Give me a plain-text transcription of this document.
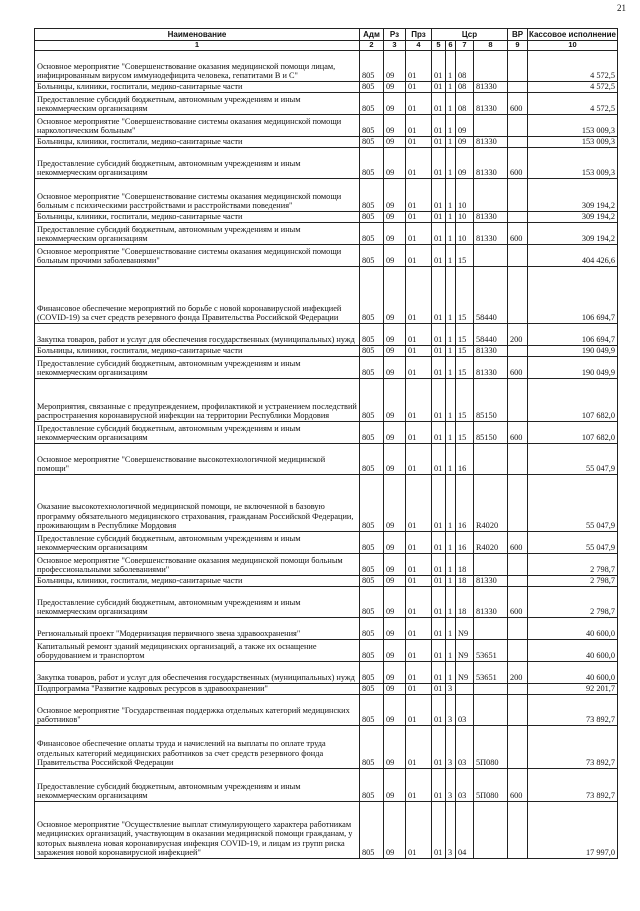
21
Наименование	Адм	Рз	Прз	Цср				ВР	Кассовое исполнение
1	2	3	4	5	6	7	8	9	10
Основное мероприятие "Совершенствование оказания медицинской помощи лицам, инфицированным вирусом иммунодефицита человека, гепатитами В и С"	805	09	01	01	1	08			4 572,5
Больницы, клиники, госпитали, медико-санитарные части	805	09	01	01	1	08	81330		4 572,5
Предоставление субсидий бюджетным, автономным учреждениям и иным некоммерческим организациям	805	09	01	01	1	08	81330	600	4 572,5
Основное мероприятие "Совершенствование системы оказания медицинской помощи наркологическим больным"	805	09	01	01	1	09			153 009,3
Больницы, клиники, госпитали, медико-санитарные части	805	09	01	01	1	09	81330		153 009,3
Предоставление субсидий бюджетным, автономным учреждениям и иным некоммерческим организациям	805	09	01	01	1	09	81330	600	153 009,3
Основное мероприятие "Совершенствование системы оказания медицинской помощи больным с психическими расстройствами и расстройствами поведения"	805	09	01	01	1	10			309 194,2
Больницы, клиники, госпитали, медико-санитарные части	805	09	01	01	1	10	81330		309 194,2
Предоставление субсидий бюджетным, автономным учреждениям и иным некоммерческим организациям	805	09	01	01	1	10	81330	600	309 194,2
Основное мероприятие "Совершенствование системы оказания медицинской помощи больным прочими заболеваниями"	805	09	01	01	1	15			404 426,6
Финансовое обеспечение мероприятий по борьбе с новой коронавирусной инфекцией (COVID-19) за счет средств резервного фонда Правительства Российской Федерации	805	09	01	01	1	15	58440		106 694,7
Закупка товаров, работ и услуг для обеспечения государственных (муниципальных) нужд	805	09	01	01	1	15	58440	200	106 694,7
Больницы, клиники, госпитали, медико-санитарные части	805	09	01	01	1	15	81330		190 049,9
Предоставление субсидий бюджетным, автономным учреждениям и иным некоммерческим организациям	805	09	01	01	1	15	81330	600	190 049,9
Мероприятия, связанные с предупреждением, профилактикой и устранением последствий распространения коронавирусной инфекции на территории Республики Мордовия	805	09	01	01	1	15	85150		107 682,0
Предоставление субсидий бюджетным, автономным учреждениям и иным некоммерческим организациям	805	09	01	01	1	15	85150	600	107 682,0
Основное мероприятие "Совершенствование высокотехнологичной медицинской помощи"	805	09	01	01	1	16			55 047,9
Оказание высокотехнологичной медицинской помощи, не включенной в базовую программу обязательного медицинского страхования, гражданам Российской Федерации, проживающим в Республике Мордовия	805	09	01	01	1	16	R4020		55 047,9
Предоставление субсидий бюджетным, автономным учреждениям и иным некоммерческим организациям	805	09	01	01	1	16	R4020	600	55 047,9
Основное мероприятие "Совершенствование оказания медицинской помощи больным профессиональными заболеваниями"	805	09	01	01	1	18			2 798,7
Больницы, клиники, госпитали, медико-санитарные части	805	09	01	01	1	18	81330		2 798,7
Предоставление субсидий бюджетным, автономным учреждениям и иным некоммерческим организациям	805	09	01	01	1	18	81330	600	2 798,7
Региональный проект "Модернизация первичного звена здравоохранения"	805	09	01	01	1	N9			40 600,0
Капитальный ремонт зданий медицинских организаций, а также их оснащение оборудованием и транспортом	805	09	01	01	1	N9	53651		40 600,0
Закупка товаров, работ и услуг для обеспечения государственных (муниципальных) нужд	805	09	01	01	1	N9	53651	200	40 600,0
Подпрограмма "Развитие кадровых ресурсов в здравоохранении"	805	09	01	01	3				92 201,7
Основное мероприятие "Государственная поддержка отдельных категорий медицинских работников"	805	09	01	01	3	03			73 892,7
Финансовое обеспечение оплаты труда и начислений на выплаты по оплате труда отдельных категорий медицинских работников за счет средств резервного фонда Правительства Российской Федерации	805	09	01	01	3	03	5П080		73 892,7
Предоставление субсидий бюджетным, автономным учреждениям и иным некоммерческим организациям	805	09	01	01	3	03	5П080	600	73 892,7
Основное мероприятие "Осуществление выплат стимулирующего характера работникам медицинских организаций, участвующим в оказании медицинской помощи гражданам, у которых выявлена новая коронавирусная инфекция COVID-19, и лицам из групп риска заражения новой коронавирусной инфекцией"	805	09	01	01	3	04			17 997,0
